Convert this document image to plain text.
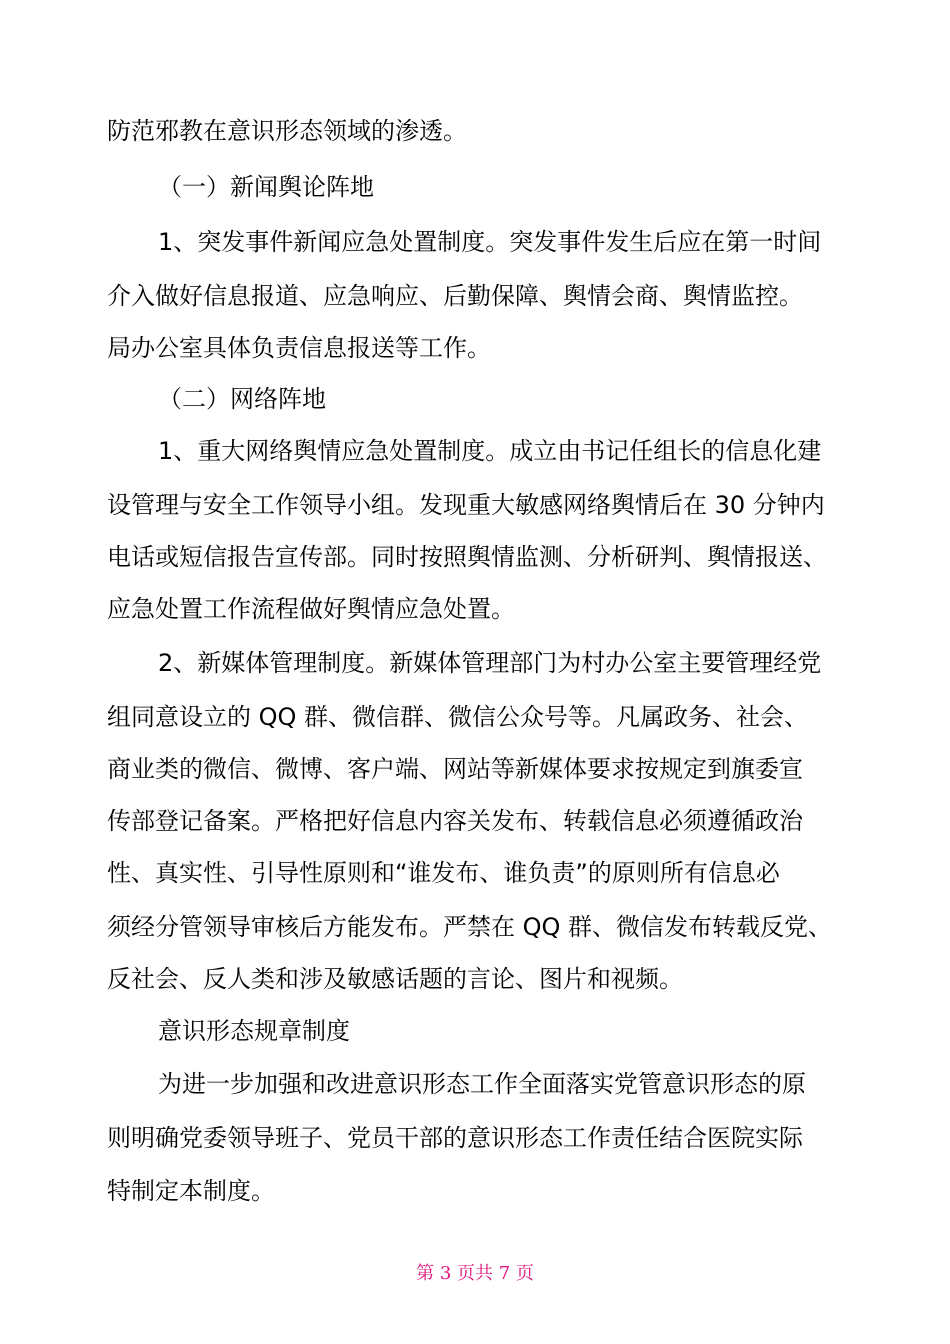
防范邪教在意识形态领域的渗透。
（一）新闻舆论阵地
1、突发事件新闻应急处置制度。突发事件发生后应在第一时间
介入做好信息报道、应急响应、后勤保障、舆情会商、舆情监控。
局办公室具体负责信息报送等工作。
（二）网络阵地
1、重大网络舆情应急处置制度。成立由书记任组长的信息化建
设管理与安全工作领导小组。发现重大敏感网络舆情后在 30 分钟内
电话或短信报告宣传部。同时按照舆情监测、分析研判、舆情报送、
应急处置工作流程做好舆情应急处置。
2、新媒体管理制度。新媒体管理部门为村办公室主要管理经党
组同意设立的 QQ 群、微信群、微信公众号等。凡属政务、社会、
商业类的微信、微博、客户端、网站等新媒体要求按规定到旗委宣
传部登记备案。严格把好信息内容关发布、转载信息必须遵循政治
性、真实性、引导性原则和“谁发布、谁负责”的原则所有信息必
须经分管领导审核后方能发布。严禁在 QQ 群、微信发布转载反党、
反社会、反人类和涉及敏感话题的言论、图片和视频。
意识形态规章制度
为进一步加强和改进意识形态工作全面落实党管意识形态的原
则明确党委领导班子、党员干部的意识形态工作责任结合医院实际
特制定本制度。
第 3 页共 7 页
